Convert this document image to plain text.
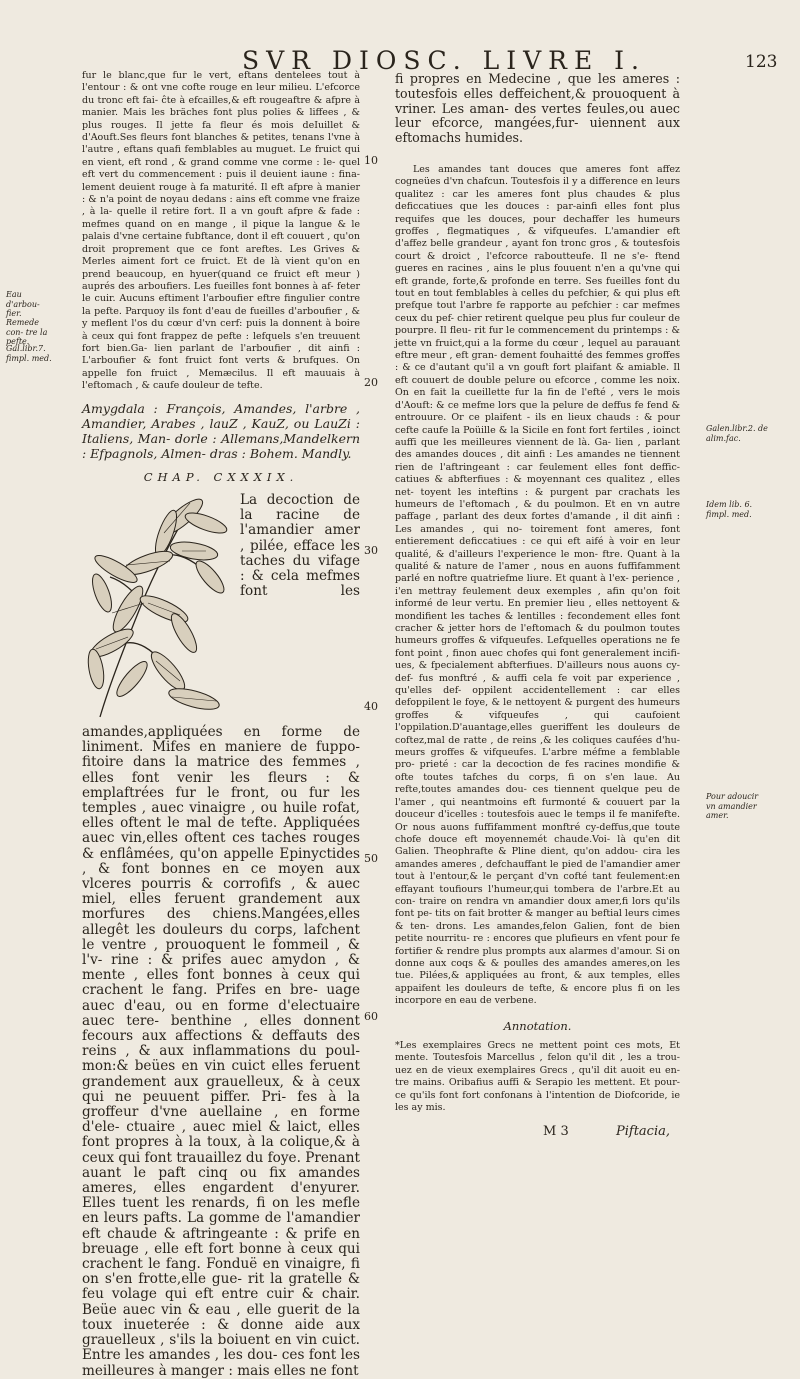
SVR DIOSC. LIVRE I.	123

fur le blanc,que fur le vert, eftans dentelees tout à l'entour : & ont vne cofte rouge en leur milieu. L'efcorce du tronc eft fai- ĉte à efcailles,& eft rougeaftre & afpre à manier. Mais les bräches font plus polies & liffees , & plus rouges. Il jette fa fleur és mois deIuillet & d'Aouft.Ses fleurs font blanches & petites, tenans l'vne à l'autre , eftans quafi femblables au muguet. Le fruict qui en vient, eft rond , & grand comme vne corme : le- quel eft vert du commencement : puis il deuient iaune : fina- lement deuient rouge à fa maturité. Il eft afpre à manier : & n'a point de noyau dedans : ains eft comme vne fraize , à la- quelle il retire fort. Il a vn gouft afpre & fade : mefmes quand on en mange , il pique la langue & le palais d'vne certaine fubftance, dont il eft couuert , qu'on droit proprement que ce font areftes. Les Grives & Merles aiment fort ce fruict. Et de là vient qu'on en prend beaucoup, en hyuer(quand ce fruict eft meur ) auprés des arboufiers. Les fueilles font bonnes à af- feter le cuir. Aucuns eftiment l'arboufier eftre fingulier contre la pefte. Parquoy ils font d'eau de fueilles d'arboufier , & y meflent l'os du cœur d'vn cerf: puis la donnent à boire à ceux qui font frappez de pefte : lefquels s'en treuuent fort bien.Ga- lien parlant de l'arboufier , dit ainfi : L'arboufier & font fruict font verts & brufques. On appelle fon fruict , Memæcilus. Il eft mauuais à l'eftomach , & caufe douleur de tefte.

Amygdala : François, Amandes, l'arbre , Amandier, Arabes , lauZ , KauZ, ou LauZi : Italiens, Man- dorle : Allemans,Mandelkern : Efpagnols, Almen- dras : Bohem. Mandly.

CHAP. CXXXIX.

La decoction de la racine de l'amandier amer , pilée, efface les taches du vifage : & cela mefmes font les amandes,appliquées en forme de liniment. Mifes en maniere de fuppo- fitoire dans la matrice des femmes , elles font venir les fleurs : & emplaftrées fur le front, ou fur les temples , auec vinaigre , ou huile rofat, elles oftent le mal de tefte. Appliquées auec vin,elles oftent ces taches rouges & enflâmées, qu'on appelle Epinyctides , & font bonnes en ce moyen aux vlceres pourris & corrofifs , & auec miel, elles feruent grandement aux morfures des chiens.Mangées,elles allegêt les douleurs du corps, lafchent le ventre , prouoquent le fommeil , & l'v- rine : & prifes auec amydon , & mente , elles font bonnes à ceux qui crachent le fang. Prifes en bre- uage auec d'eau, ou en forme d'electuaire auec tere- benthine , elles donnent fecours aux affections & deffauts des reins , & aux inflammations du poul- mon:& beües en vin cuict elles feruent grandement aux grauelleux, & à ceux qui ne peuuent piffer. Pri- fes à la groffeur d'vne auellaine , en forme d'ele- ctuaire , auec miel & laict, elles font propres à la toux, à la colique,& à ceux qui font trauaillez du foye. Prenant auant le paft cinq ou fix amandes ameres, elles engardent d'enyurer. Elles tuent les renards, fi on les mefle en leurs pafts. La gomme de l'amandier eft chaude & aftringeante : & prife en breuage , elle eft fort bonne à ceux qui crachent le fang. Fonduë en vinaigre, fi on s'en frotte,elle gue- rit la gratelle & feu volage qui eft entre cuir & chair. Beüe auec vin & eau , elle guerit de la toux inueterée : & donne aide aux grauelleux , s'ils la boiuent en vin cuict. Entre les amandes , les dou- ces font les meilleures à manger : mais elles ne font

fi propres en Medecine , que les ameres : toutesfois elles deffeichent,& prouoquent à vriner. Les aman- des vertes feules,ou auec leur efcorce, mangées,fur- uiennent aux eftomachs humides.

Les amandes tant douces que ameres font affez cogneües d'vn chafcun. Toutesfois il y a difference en leurs qualitez : car les ameres font plus chaudes & plus deficcatiues que les douces : par-ainfi elles font plus requifes que les douces, pour dechaffer les humeurs groffes , flegmatiques , & vifqueufes. L'amandier eft d'affez belle grandeur , ayant fon tronc gros , & toutesfois court & droict , l'efcorce raboutteufe. Il ne s'e- ftend gueres en racines , ains le plus fouuent n'en a qu'vne qui eft grande, forte,& profonde en terre. Ses fueilles font du tout en tout femblables à celles du pefchier, & qui plus eft prefque tout l'arbre fe rapporte au pefchier : car mefmes ceux du pef- chier retirent quelque peu plus fur couleur de pourpre. Il fleu- rit fur le commencement du printemps : & jette vn fruict,qui a la forme du cœur , lequel au parauant eftre meur , eft gran- dement fouhaitté des femmes groffes : & ce d'autant qu'il a vn gouft fort plaifant & amiable. Il eft couuert de double pelure ou efcorce , comme les noix. On en fait la cueillette fur la fin de l'efté , vers le mois d'Aouft: & ce mefme lors que la pelure de deffus fe fend & entrouure. Or ce plaifent - ils en lieux chauds : & pour cefte caufe la Poüille & la Sicile en font fort fertiles , ioinct auffi que les meilleures viennent de là. Ga- lien , parlant des amandes douces , dit ainfi : Les amandes ne tiennent rien de l'aftringeant : car feulement elles font deffic- catiues & abfterfiues : & moyennant ces qualitez , elles net- toyent les inteftins : & purgent par crachats les humeurs de l'eftomach , & du poulmon. Et en vn autre paffage , parlant des deux fortes d'amande , il dit ainfi : Les amandes , qui no- toirement font ameres, font entierement deficcatiues : ce qui eft aifé à voir en leur qualité, & d'ailleurs l'experience le mon- ftre. Quant à la qualité & nature de l'amer , nous en auons fuffifamment parlé en noftre quatriefme liure. Et quant à l'ex- perience , i'en mettray feulement deux exemples , afin qu'on foit informé de leur vertu. En premier lieu , elles nettoyent & mondifient les taches & lentilles : fecondement elles font cracher & jetter hors de l'eftomach & du poulmon toutes humeurs groffes & vifqueufes. Lefquelles operations ne fe font point , finon auec chofes qui font generalement incifi- ues, & fpecialement abfterfiues. D'ailleurs nous auons cy-def- fus monftré , & auffi cela fe voit par experience , qu'elles def- oppilent accidentellement : car elles defoppilent le foye, & le nettoyent & purgent des humeurs groffes & vifqueufes , qui caufoient l'oppilation.D'auantage,elles gueriffent les douleurs de coftez,mal de ratte , de reins ,& les coliques caufées d'hu- meurs groffes & vifqueufes. L'arbre méfme a femblable pro- prieté : car la decoction de fes racines mondifie & ofte toutes tafches du corps, fi on s'en laue. Au refte,toutes amandes dou- ces tiennent quelque peu de l'amer , qui neantmoins eft furmonté & couuert par la douceur d'icelles : toutesfois auec le temps il fe manifefte. Or nous auons fuffifamment monftré cy-deffus,que toute chofe douce eft moyennemét chaude.Voi- là qu'en dit Galien. Theophrafte & Pline dient, qu'on addou- cira les amandes ameres , defchauffant le pied de l'amandier amer tout à l'entour,& le perçant d'vn cofté tant feulement:en effayant toufiours l'humeur,qui tombera de l'arbre.Et au con- traire on rendra vn amandier doux amer,fi lors qu'ils font pe- tits on fait brotter & manger au beftial leurs cimes & ten- drons. Les amandes,felon Galien, font de bien petite nourritu- re : encores que plufieurs en vfent pour fe fortifier & rendre plus prompts aux alarmes d'amour. Si on donne aux coqs & & poulles des amandes ameres,on les tue. Pilées,& appliquées au front, & aux temples, elles appaifent les douleurs de tefte, & encore plus fi on les incorpore en eau de verbene.

Annotation.

*Les exemplaires Grecs ne mettent point ces mots, Et mente. Toutesfois Marcellus , felon qu'il dit , les a trou- uez en de vieux exemplaires Grecs , qu'il dit auoit eu en- tre mains. Oribafius auffi & Serapio les mettent. Et pour- ce qu'ils font fort confonans à l'intention de Diofcoride, ie les ay mis.

M 3	Piftacia,
Eau d'arbou- fier.
Remede con- tre la pefte.
Gal.libr.7. fimpl. med.
Galen.libr.2. de alim.fac.
Idem lib. 6. fimpl. med.
Pour adoucir vn amandier amer.
10
20
30
40
50
60
